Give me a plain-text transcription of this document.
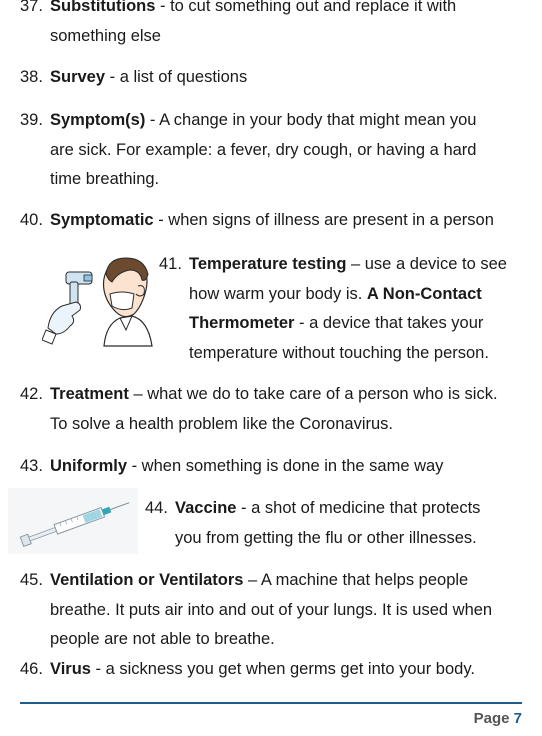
37. Substitutions - to cut something out and replace it with
something else
38. Survey - a list of questions
39. Symptom(s) - A change in your body that might mean you
are sick. For example: a fever, dry cough, or having a hard
time breathing.
40. Symptomatic - when signs of illness are present in a person
41. Temperature testing – use a device to see
how warm your body is. A Non-Contact
Thermometer - a device that takes your
temperature without touching the person.
42. Treatment – what we do to take care of a person who is sick.
To solve a health problem like the Coronavirus.
43. Uniformly - when something is done in the same way
44. Vaccine - a shot of medicine that protects
you from getting the flu or other illnesses.
45. Ventilation or Ventilators – A machine that helps people
breathe. It puts air into and out of your lungs. It is used when
people are not able to breathe.
46. Virus - a sickness you get when germs get into your body.
Page 7
